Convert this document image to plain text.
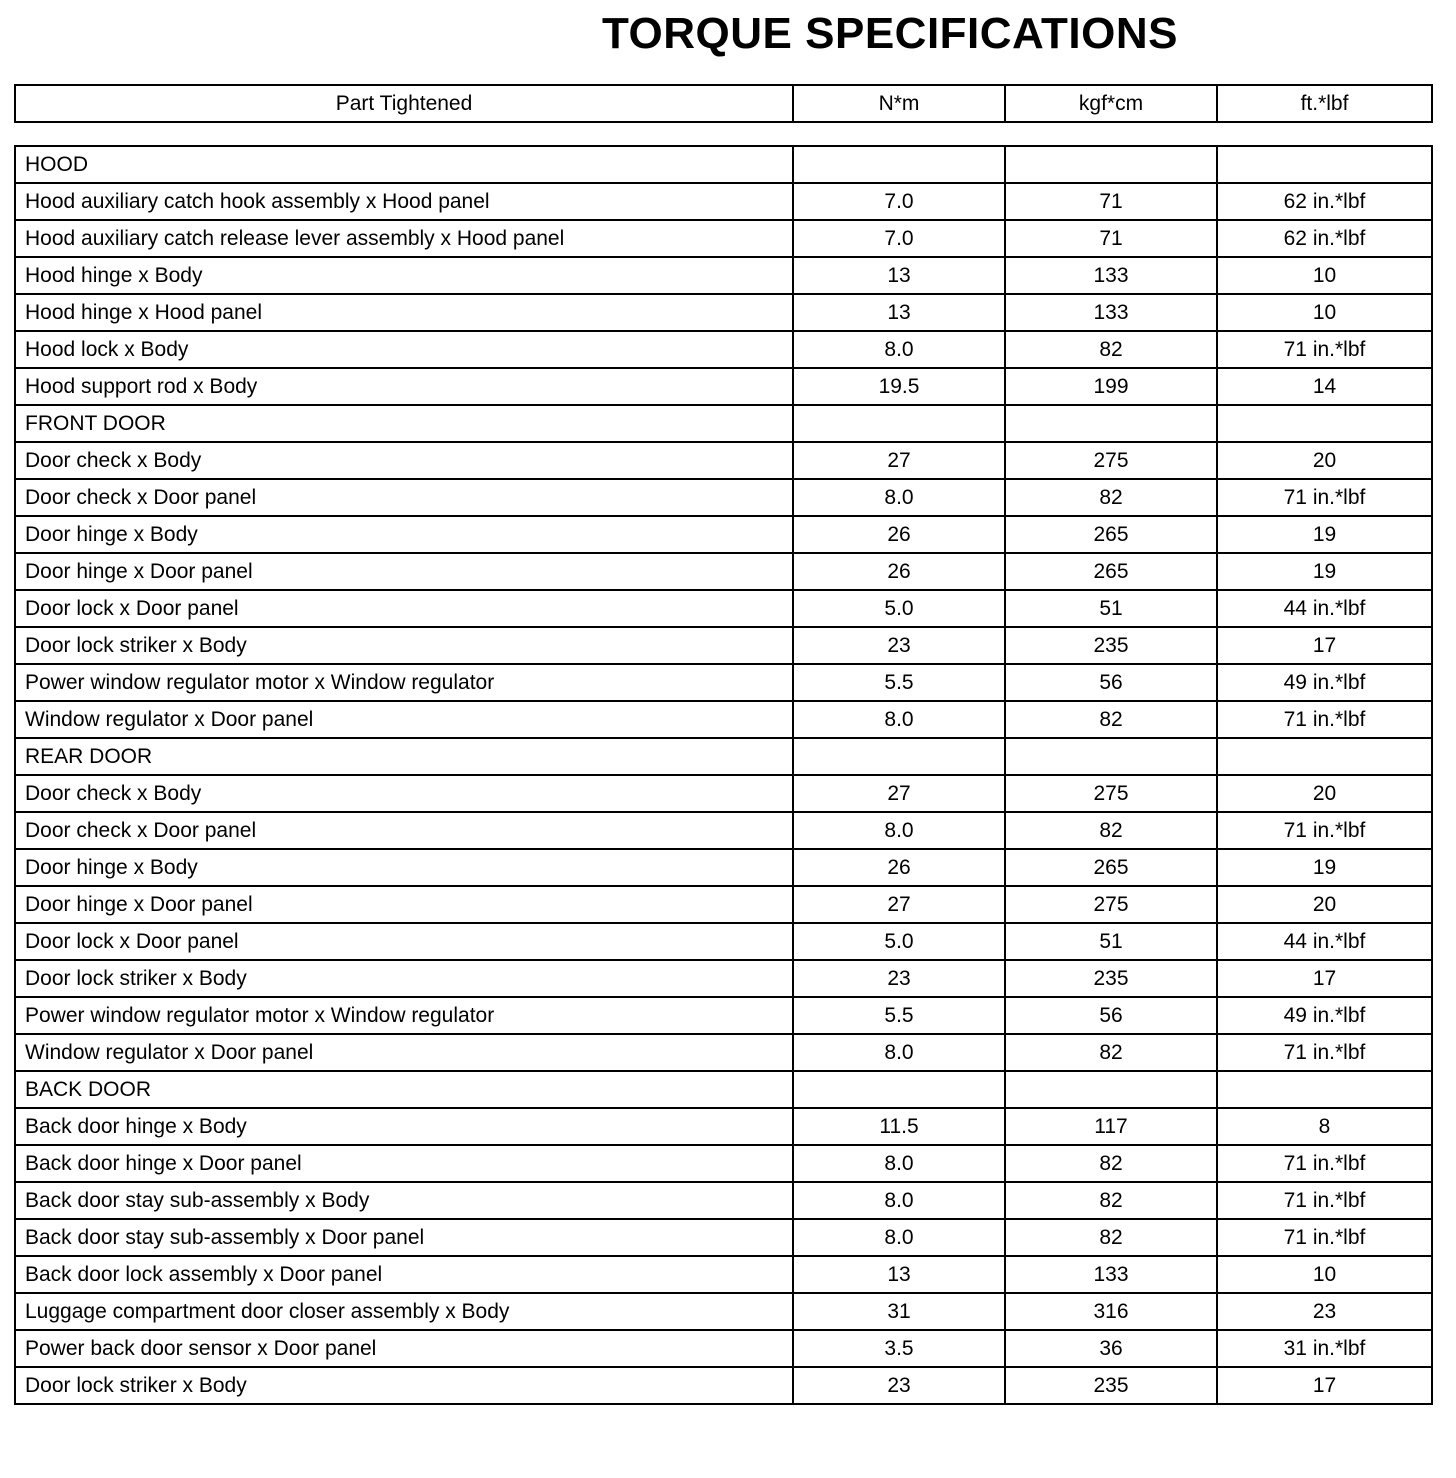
TORQUE SPECIFICATIONS
Part Tightened	N*m	kgf*cm	ft.*lbf
HOOD			
Hood auxiliary catch hook assembly x Hood panel	7.0	71	62 in.*lbf
Hood auxiliary catch release lever assembly x Hood panel	7.0	71	62 in.*lbf
Hood hinge x Body	13	133	10
Hood hinge x Hood panel	13	133	10
Hood lock x Body	8.0	82	71 in.*lbf
Hood support rod x Body	19.5	199	14
FRONT DOOR			
Door check x Body	27	275	20
Door check x Door panel	8.0	82	71 in.*lbf
Door hinge x Body	26	265	19
Door hinge x Door panel	26	265	19
Door lock x Door panel	5.0	51	44 in.*lbf
Door lock striker x Body	23	235	17
Power window regulator motor x Window regulator	5.5	56	49 in.*lbf
Window regulator x Door panel	8.0	82	71 in.*lbf
REAR DOOR			
Door check x Body	27	275	20
Door check x Door panel	8.0	82	71 in.*lbf
Door hinge x Body	26	265	19
Door hinge x Door panel	27	275	20
Door lock x Door panel	5.0	51	44 in.*lbf
Door lock striker x Body	23	235	17
Power window regulator motor x Window regulator	5.5	56	49 in.*lbf
Window regulator x Door panel	8.0	82	71 in.*lbf
BACK DOOR			
Back door hinge x Body	11.5	117	8
Back door hinge x Door panel	8.0	82	71 in.*lbf
Back door stay sub-assembly x Body	8.0	82	71 in.*lbf
Back door stay sub-assembly x Door panel	8.0	82	71 in.*lbf
Back door lock assembly x Door panel	13	133	10
Luggage compartment door closer assembly x Body	31	316	23
Power back door sensor x Door panel	3.5	36	31 in.*lbf
Door lock striker x Body	23	235	17
